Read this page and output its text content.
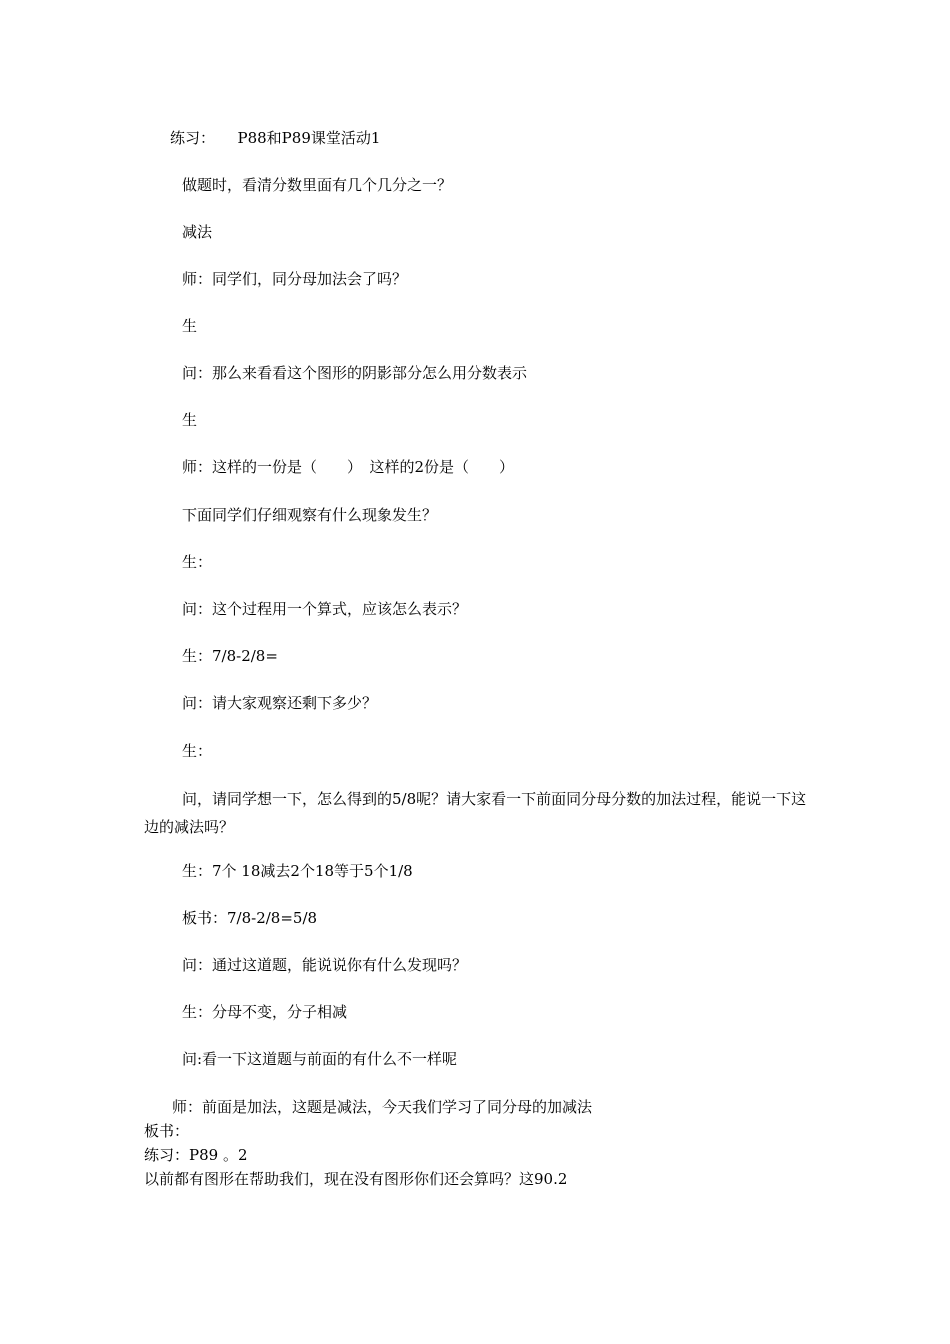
练习：　　P88和P89课堂活动1
做题时，看清分数里面有几个几分之一？
减法
师：同学们，同分母加法会了吗？
生
问：那么来看看这个图形的阴影部分怎么用分数表示
生
师：这样的一份是（　　）　这样的2份是（　　）
下面同学们仔细观察有什么现象发生？
生：
问：这个过程用一个算式，应该怎么表示？
生：7/8-2/8=
问：请大家观察还剩下多少？
生：
问，请同学想一下，怎么得到的5/8呢？请大家看一下前面同分母分数的加法过程，能说一下这边的减法吗？
生：7个 18减去2个18等于5个1/8
板书：7/8-2/8=5/8
问：通过这道题，能说说你有什么发现吗？
生：分母不变，分子相减
问:看一下这道题与前面的有什么不一样呢
师：前面是加法，这题是减法，今天我们学习了同分母的加减法
板书：
练习：P89 。2
以前都有图形在帮助我们，现在没有图形你们还会算吗？这90.2
